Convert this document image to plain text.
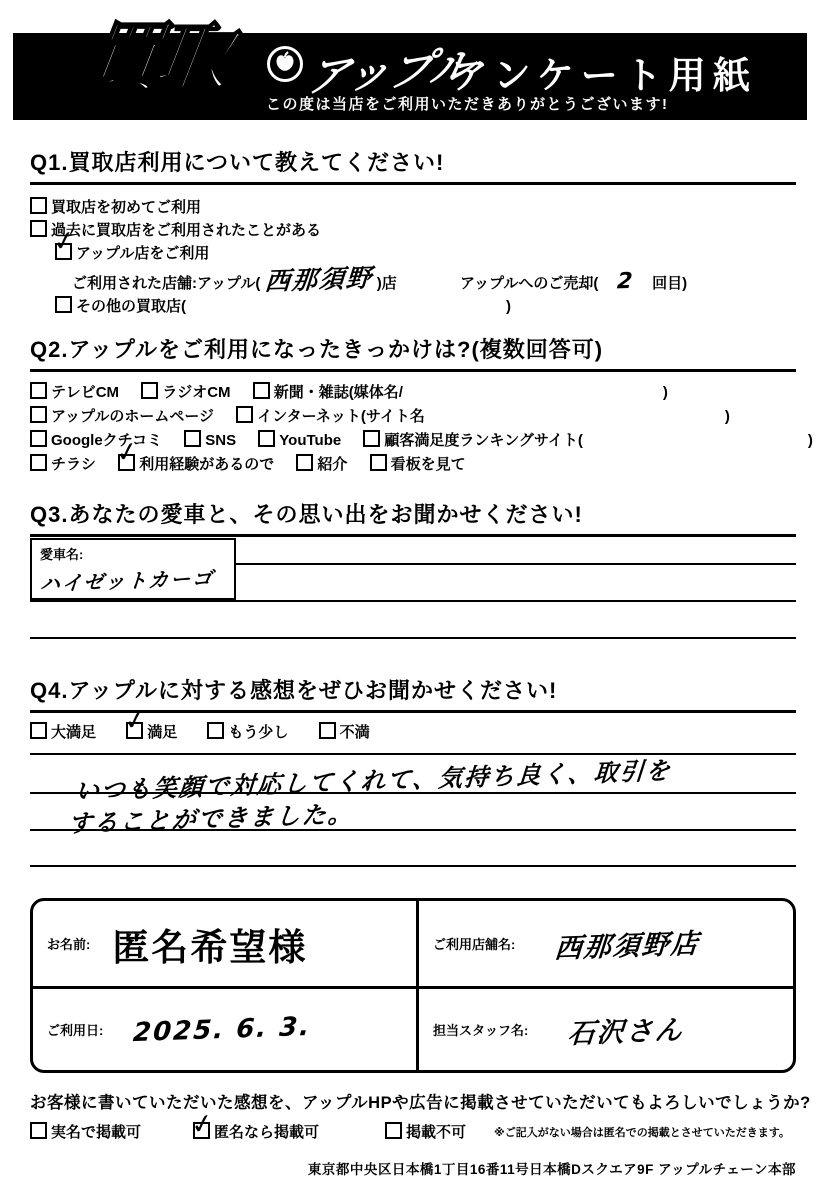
買取 アップル
アンケート用紙
この度は当店をご利用いただきありがとうございます!
Q1.買取店利用について教えてください!
買取店を初めてご利用
過去に買取店をご利用されたことがある
✓アップル店をご利用
ご利用された店舗:アップル( 西那須野 )店	アップルへのご売却( 2 回目)
その他の買取店(	)
Q2.アップルをご利用になったきっかけは?(複数回答可)
テレビCM	ラジオCM	新聞・雑誌(媒体名/	)
アップルのホームページ	インターネット(サイト名	)
Googleクチコミ	SNS	YouTube	顧客満足度ランキングサイト(	)
チラシ ✓	利用経験があるので	紹介	看板を見て
Q3.あなたの愛車と、その思い出をお聞かせください!
愛車名:
ハイゼットカーゴ
Q4.アップルに対する感想をぜひお聞かせください!
大満足 ✓	満足	もう少し	不満
いつも笑顔で対応してくれて、気持ち良く、取引を
することができました。
お名前: 匿名希望様	ご利用店舗名: 西那須野店
ご利用日: 2025. 6. 3.	担当スタッフ名: 石沢さん
お客様に書いていただいた感想を、アップルHPや広告に掲載させていただいてもよろしいでしょうか?
実名で掲載可 ✓	匿名なら掲載可	掲載不可	※ご記入がない場合は匿名での掲載とさせていただきます。
東京都中央区日本橋1丁目16番11号日本橋Dスクエア9F アップルチェーン本部
